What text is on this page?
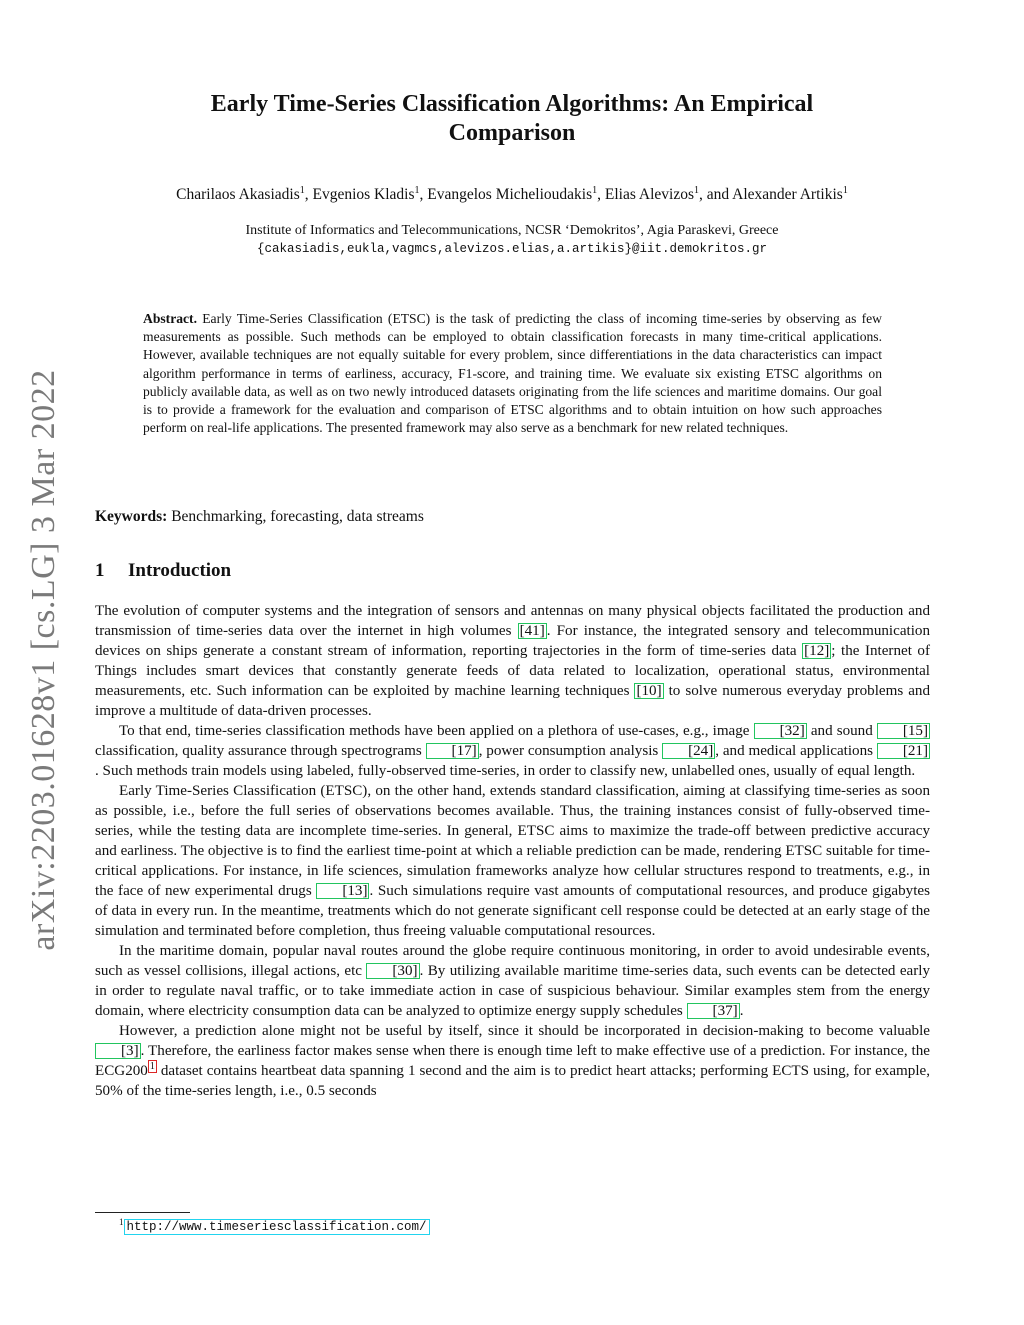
arXiv:2203.01628v1 [cs.LG] 3 Mar 2022
Early Time-Series Classification Algorithms: An Empirical Comparison
Charilaos Akasiadis$^1$, Evgenios Kladis$^1$, Evangelos Michelioudakis$^1$, Elias Alevizos$^1$, and Alexander Artikis$^1$
Institute of Informatics and Telecommunications, NCSR ‘Demokritos’, Agia Paraskevi, Greece
{cakasiadis,eukla,vagmcs,alevizos.elias,a.artikis}@iit.demokritos.gr
Abstract. Early Time-Series Classification (ETSC) is the task of predicting the class of incoming time-series by observing as few measurements as possible. Such methods can be employed to obtain classification forecasts in many time-critical applications. However, available techniques are not equally suitable for every problem, since differentiations in the data characteristics can impact algorithm performance in terms of earliness, accuracy, F1-score, and training time. We evaluate six existing ETSC algorithms on publicly available data, as well as on two newly introduced datasets originating from the life sciences and maritime domains. Our goal is to provide a framework for the evaluation and comparison of ETSC algorithms and to obtain intuition on how such approaches perform on real-life applications. The presented framework may also serve as a benchmark for new related techniques.
Keywords: Benchmarking, forecasting, data streams
1 Introduction

The evolution of computer systems and the integration of sensors and antennas on many physical objects facilitated the production and transmission of time-series data over the internet in high volumes [41] . For instance, the integrated sensory and telecommunication devices on ships generate a constant stream of information, reporting trajectories in the form of time-series data [12] ; the Internet of Things includes smart devices that constantly generate feeds of data related to localization, operational status, environmental measurements, etc. Such information can be exploited by machine learning techniques [10] to solve numerous everyday problems and improve a multitude of data-driven processes.

To that end, time-series classification methods have been applied on a plethora of use-cases, e.g., image [32] and sound [15] classification, quality assurance through spectrograms [17] , power consumption analysis [24] , and medical applications [21]. Such methods train models using labeled, fully-observed time-series, in order to classify new, unlabelled ones, usually of equal length.

Early Time-Series Classification (ETSC), on the other hand, extends standard classification, aiming at classifying time-series as soon as possible, i.e., before the full series of observations becomes available. Thus, the training instances consist of fully-observed time-series, while the testing data are incomplete time-series. In general, ETSC aims to maximize the trade-off between predictive accuracy and earliness. The objective is to find the earliest time-point at which a reliable prediction can be made, rendering ETSC suitable for time-critical applications. For instance, in life sciences, simulation frameworks analyze how cellular structures respond to treatments, e.g., in the face of new experimental drugs [13] . Such simulations require vast amounts of computational resources, and produce gigabytes of data in every run. In the meantime, treatments which do not generate significant cell response could be detected at an early stage of the simulation and terminated before completion, thus freeing valuable computational resources.

In the maritime domain, popular naval routes around the globe require continuous monitoring, in order to avoid undesirable events, such as vessel collisions, illegal actions, etc [30] . By utilizing available maritime time-series data, such events can be detected early in order to regulate naval traffic, or to take immediate action in case of suspicious behaviour. Similar examples stem from the energy domain, where electricity consumption data can be analyzed to optimize energy supply schedules [37] .

However, a prediction alone might not be useful by itself, since it should be incorporated in decision-making to become valuable [3] . Therefore, the earliness factor makes sense when there is enough time left to make effective use of a prediction. For instance, the ECG200 $^1$ dataset contains heartbeat data spanning 1 second and the aim is to predict heart attacks; performing ECTS using, for example, 50% of the time-series length, i.e., 0.5 seconds

$^1$ http://www.timeseriesclassification.com/
